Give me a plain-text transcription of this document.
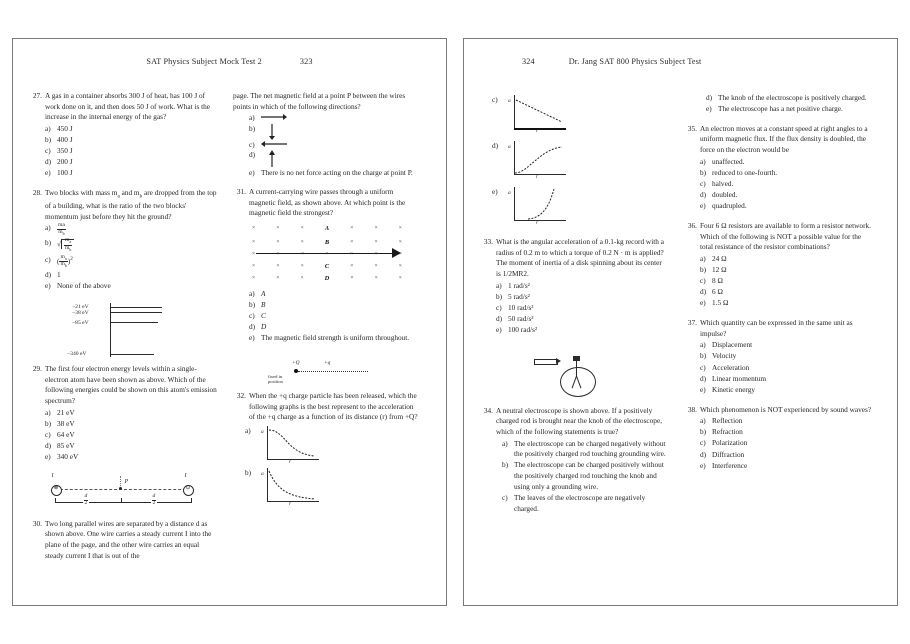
SAT Physics Subject Mock Test 2	323
27. A gas in a container absorbs 300 J of heat, has 100 J of work done on it, and then does 50 J of work. What is the increase in the internal energy of the gas?
a) 450 J
b) 400 J
c) 350 J
d) 200 J
e) 100 J
28. Two blocks with mass $m_a$ and $m_b$ are dropped from the top of a building, what is the ratio of the two blocks' momentum just before they hit the ground?
a)	$\frac{ma}{m_b}$
b) √ $\frac{m_a}{m_b}$
c) ( $\frac{m_a}{m_b} )^2$
d) 1
e) None of the above
−21 eV
−38 eV
−85 eV
−340 eV
29. The first four electron energy levels within a single-electron atom have been shown as above. Which of the following energies could be shown on this atom's emission spectrum?
a) 21 eV
b) 38 eV
c) 64 eV
d) 85 eV
e) 340 eV
I	I
⊗	⊙
P
$\frac{d}{2}$	$\frac{d}{2}$
30. Two long parallel wires are separated by a distance d as shown above. One wire carries a steady current I into the plane of the page, and the other wire carries an equal steady current I that is out of the
page. The net magnetic field at a point P between the wires points in which of the following directions?
a)
b)
c)
d)
e) There is no net force acting on the charge at point P.
31. A current-carrying wire passes through a uniform magnetic field, as shown above. At which point is the magnetic field the strongest?
×	×	×	A	×	×	×
×	×	×	B	×	×	×
×	×	×	×	×	×	×
×	×	×	C	×	×	×
×	×	×	D	×	×	×
a) A
b) B
c) C
d) D
e) The magnetic field strength is uniform throughout.
+Q	+q
fixed in position
32. When the +q charge particle has been released, which the following graphs is the best represent to the acceleration of the +q charge as a function of its distance (r) from +Q?
a)	a
r
b)	a
r
324	Dr. Jang SAT 800 Physics Subject Test
c)	a
r
d)	a
r
e)	a
r
33. What is the angular acceleration of a 0.1-kg record with a radius of 0.2 m to which a torque of 0.2 N · m is applied? The moment of inertia of a disk spinning about its center is 1/2MR2.
a) 1 rad/s²
b) 5 rad/s²
c) 10 rad/s²
d) 50 rad/s²
e) 100 rad/s²
34. A neutral electroscope is shown above. If a positively charged rod is brought near the knob of the electroscope, which of the following statements is true?
a) The electroscope can be charged negatively without the positively charged rod touching grounding wire.
b) The electroscope can be charged positively without the positively charged rod touching the knob and using only a grounding wire.
c) The leaves of the electroscope are negatively charged.
d) The knob of the electroscope is positively charged.
e) The electroscope has a net positive charge.
35. An electron moves at a constant speed at right angles to a uniform magnetic flux. If the flux density is doubled, the force on the electron would be
a) unaffected.
b) reduced to one-fourth.
c) halved.
d) doubled.
e) quadrupled.
36. Four 6 Ω resistors are available to form a resistor network. Which of the following is NOT a possible value for the total resistance of the resistor combinations?
a) 24 Ω
b) 12 Ω
c) 8 Ω
d) 6 Ω
e) 1.5 Ω
37. Which quantity can be expressed in the same unit as impulse?
a) Displacement
b) Velocity
c) Acceleration
d) Linear momentum
e) Kinetic energy
38. Which phenomenon is NOT experienced by sound waves?
a) Reflection
b) Refraction
c) Polarization
d) Diffraction
e) Interference
